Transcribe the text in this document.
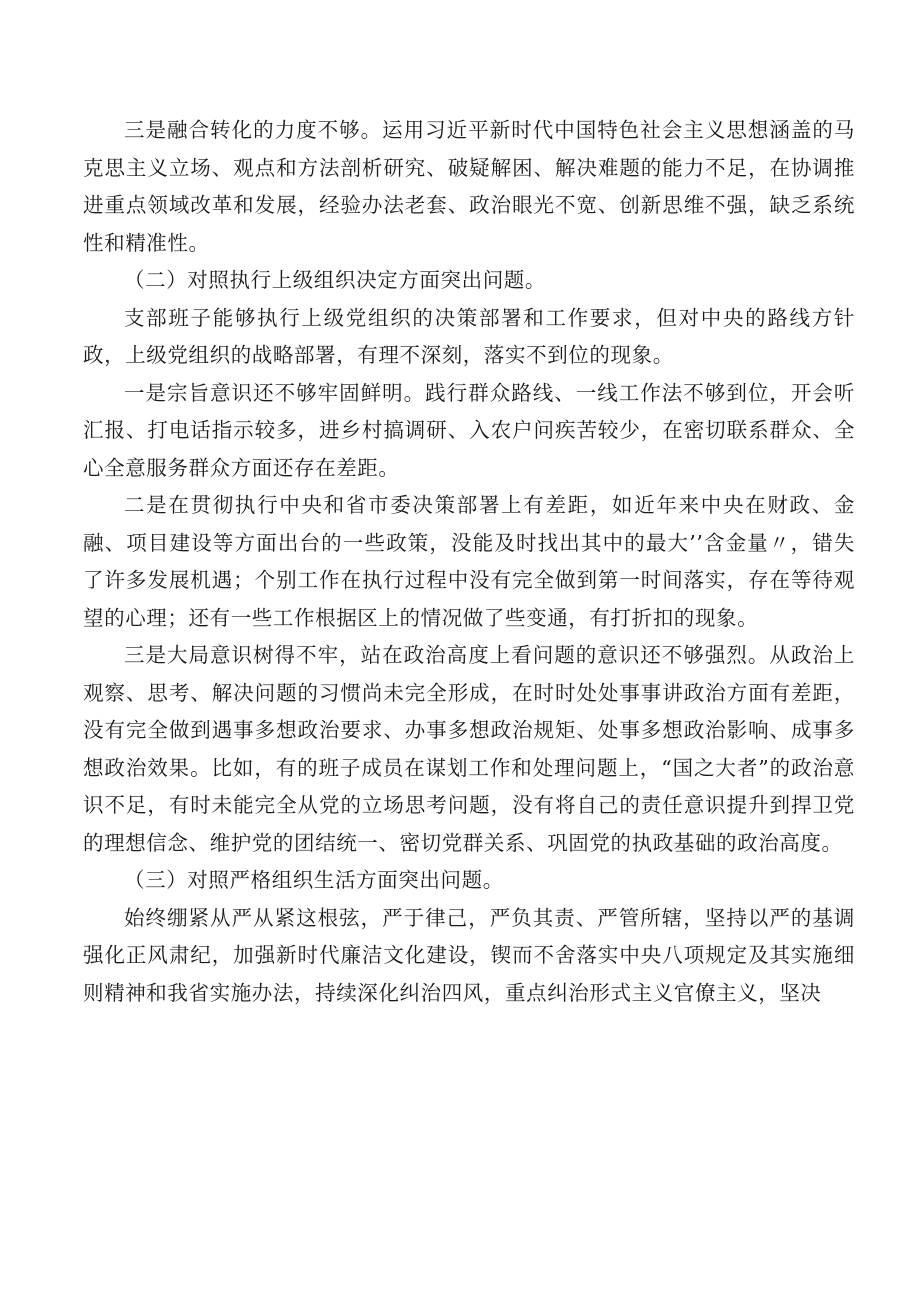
三是融合转化的力度不够。运用习近平新时代中国特色社会主义思想涵盖的马克思主义立场、观点和方法剖析研究、破疑解困、解决难题的能力不足，在协调推进重点领域改革和发展，经验办法老套、政治眼光不宽、创新思维不强，缺乏系统性和精准性。

（二）对照执行上级组织决定方面突出问题。

支部班子能够执行上级党组织的决策部署和工作要求，但对中央的路线方针政，上级党组织的战略部署，有理不深刻，落实不到位的现象。

一是宗旨意识还不够牢固鲜明。践行群众路线、一线工作法不够到位，开会听汇报、打电话指示较多，进乡村搞调研、入农户问疾苦较少，在密切联系群众、全心全意服务群众方面还存在差距。

二是在贯彻执行中央和省市委决策部署上有差距，如近年来中央在财政、金融、项目建设等方面出台的一些政策，没能及时找出其中的最大’’含金量〃，错失了许多发展机遇；个别工作在执行过程中没有完全做到第一时间落实，存在等待观望的心理；还有一些工作根据区上的情况做了些变通，有打折扣的现象。

三是大局意识树得不牢，站在政治高度上看问题的意识还不够强烈。从政治上观察、思考、解决问题的习惯尚未完全形成，在时时处处事事讲政治方面有差距，没有完全做到遇事多想政治要求、办事多想政治规矩、处事多想政治影响、成事多想政治效果。比如，有的班子成员在谋划工作和处理问题上，“国之大者”的政治意识不足，有时未能完全从党的立场思考问题，没有将自己的责任意识提升到捍卫党的理想信念、维护党的团结统一、密切党群关系、巩固党的执政基础的政治高度。

（三）对照严格组织生活方面突出问题。

始终绷紧从严从紧这根弦，严于律己，严负其责、严管所辖，坚持以严的基调强化正风肃纪，加强新时代廉洁文化建设，锲而不舍落实中央八项规定及其实施细则精神和我省实施办法，持续深化纠治四风，重点纠治形式主义官僚主义，坚决
